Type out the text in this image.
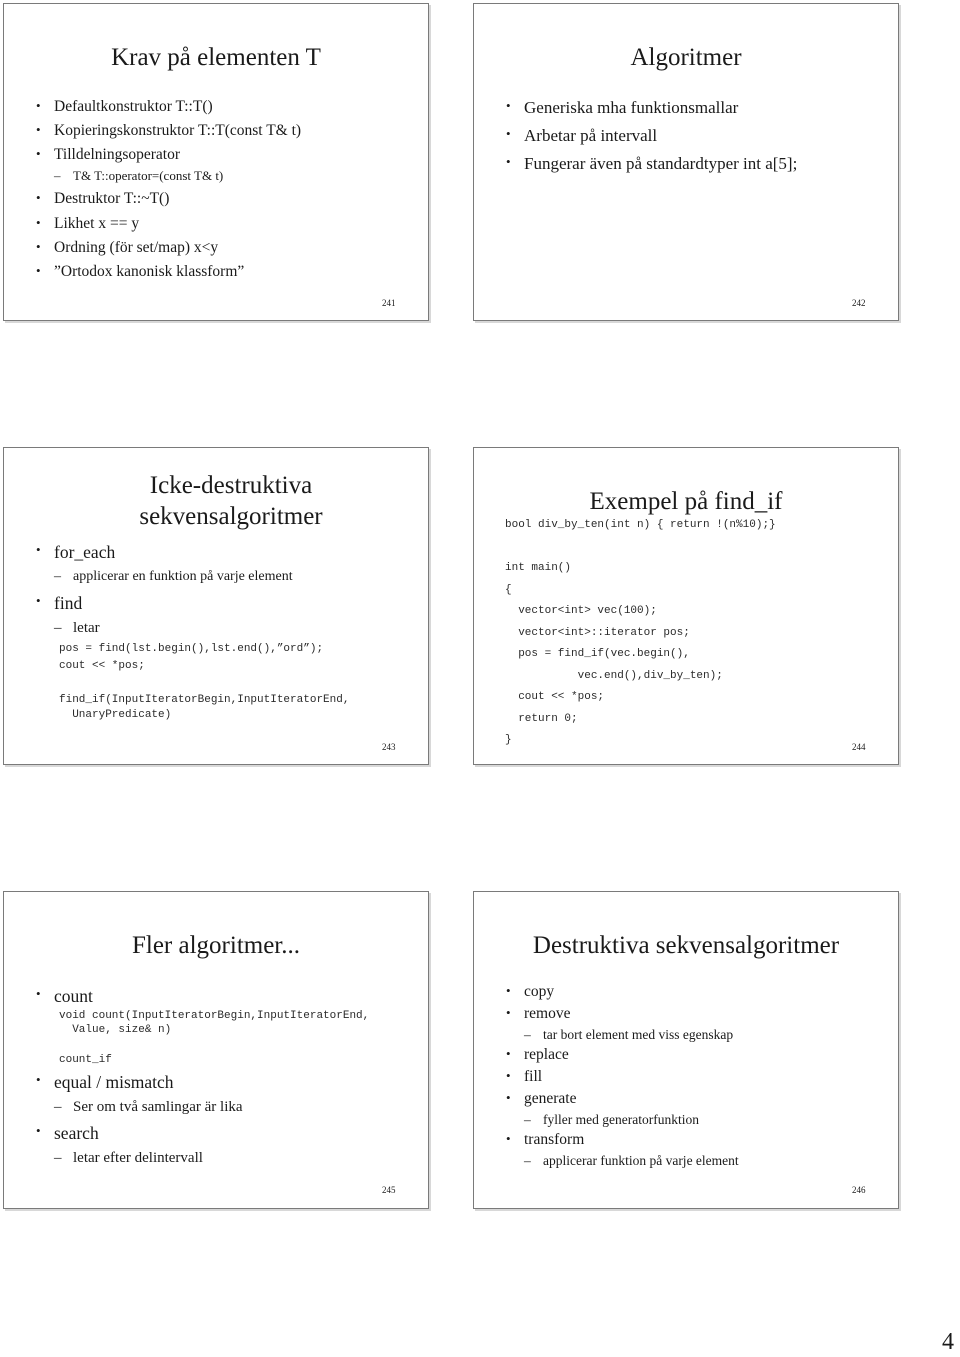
Krav på elementen T
• Defaultkonstruktor T::T()
• Kopieringskonstruktor T::T(const T& t)
• Tilldelningsoperator
– T& T::operator=(const T& t)
• Destruktor T::~T()
• Likhet x == y
• Ordning (för set/map) x<y
• ”Ortodox kanonisk klassform”
241
Algoritmer
• Generiska mha funktionsmallar
• Arbetar på intervall
• Fungerar även på standardtyper int a[5];
242
Icke-destruktiva
sekvensalgoritmer
• for_each
– applicerar en funktion på varje element
• find
– letar
pos = find(lst.begin(),lst.end(),”ord”);
cout << *pos;
find_if(InputIteratorBegin,InputIteratorEnd,
UnaryPredicate)
243
Exempel på find_if
bool div_by_ten(int n) { return !(n%10);}
int main()
{
vector<int> vec(100);
vector<int>::iterator pos;
pos = find_if(vec.begin(),
vec.end(),div_by_ten);
cout << *pos;
return 0;
}
244
Fler algoritmer...
• count
void count(InputIteratorBegin,InputIteratorEnd,
Value, size& n)
count_if
• equal / mismatch
– Ser om två samlingar är lika
• search
– letar efter delintervall
245
Destruktiva sekvensalgoritmer
• copy
• remove
– tar bort element med viss egenskap
• replace
• fill
• generate
– fyller med generatorfunktion
• transform
– applicerar funktion på varje element
246
4
